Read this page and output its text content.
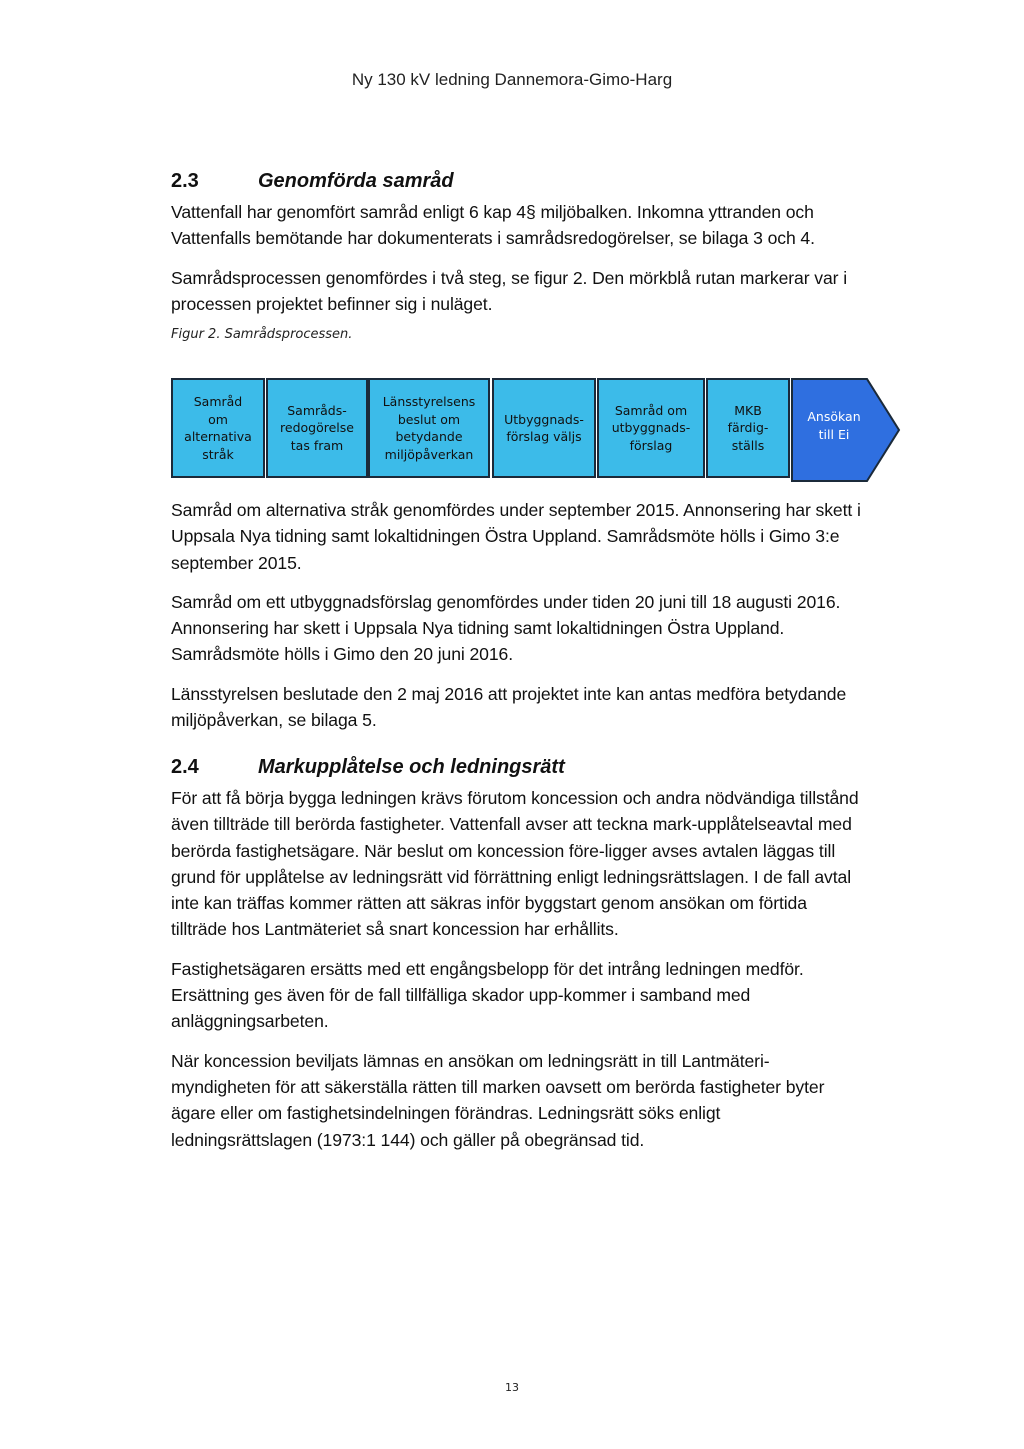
Ny 130 kV ledning Dannemora-Gimo-Harg
2.3	Genomförda samråd

Vattenfall har genomfört samråd enligt 6 kap 4§ miljöbalken. Inkomna yttranden och Vattenfalls bemötande har dokumenterats i samrådsredogörelser, se bilaga 3 och 4.

Samrådsprocessen genomfördes i två steg, se figur 2. Den mörkblå rutan markerar var i processen projektet befinner sig i nuläget.

Figur 2. Samrådsprocessen.

Samråd
om
alternativa
stråk
Samråds-
redogörelse
tas fram
Länsstyrelsens
beslut om
betydande
miljöpåverkan
Utbyggnads-
förslag väljs
Samråd om
utbyggnads-
förslag
MKB
färdig-
ställs
Ansökan
till Ei

Samråd om alternativa stråk genomfördes under september 2015. Annonsering har skett i Uppsala Nya tidning samt lokaltidningen Östra Uppland. Samrådsmöte hölls i Gimo 3:e september 2015.

Samråd om ett utbyggnadsförslag genomfördes under tiden 20 juni till 18 augusti 2016. Annonsering har skett i Uppsala Nya tidning samt lokaltidningen Östra Uppland. Samrådsmöte hölls i Gimo den 20 juni 2016.

Länsstyrelsen beslutade den 2 maj 2016 att projektet inte kan antas medföra betydande miljöpåverkan, se bilaga 5.

2.4	Markupplåtelse och ledningsrätt

För att få börja bygga ledningen krävs förutom koncession och andra nödvändiga tillstånd även tillträde till berörda fastigheter. Vattenfall avser att teckna mark-upplåtelseavtal med berörda fastighetsägare. När beslut om koncession före-ligger avses avtalen läggas till grund för upplåtelse av ledningsrätt vid förrättning enligt ledningsrättslagen. I de fall avtal inte kan träffas kommer rätten att säkras inför byggstart genom ansökan om förtida tillträde hos Lantmäteriet så snart koncession har erhållits.

Fastighetsägaren ersätts med ett engångsbelopp för det intrång ledningen medför. Ersättning ges även för de fall tillfälliga skador upp-kommer i samband med anläggningsarbeten.

När koncession beviljats lämnas en ansökan om ledningsrätt in till Lantmäteri-myndigheten för att säkerställa rätten till marken oavsett om berörda fastigheter byter ägare eller om fastighetsindelningen förändras. Ledningsrätt söks enligt ledningsrättslagen (1973:1 144) och gäller på obegränsad tid.

13
